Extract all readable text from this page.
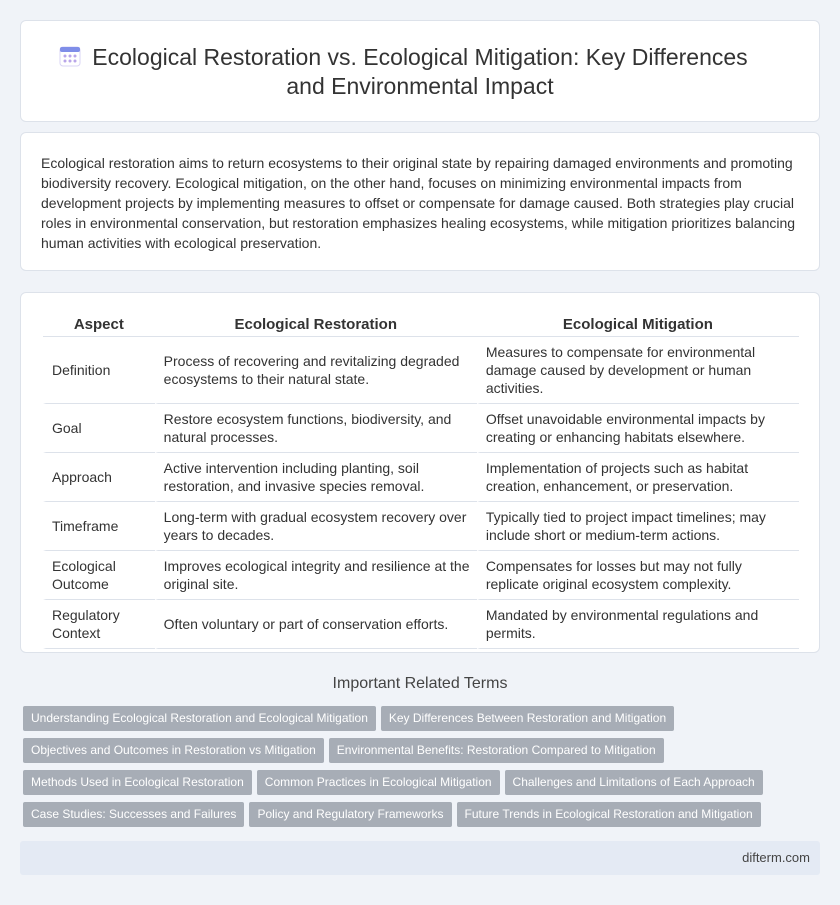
Ecological Restoration vs. Ecological Mitigation: Key Differences and Environmental Impact

Ecological restoration aims to return ecosystems to their original state by repairing damaged environments and promoting biodiversity recovery. Ecological mitigation, on the other hand, focuses on minimizing environmental impacts from development projects by implementing measures to offset or compensate for damage caused. Both strategies play crucial roles in environmental conservation, but restoration emphasizes healing ecosystems, while mitigation prioritizes balancing human activities with ecological preservation.

Aspect	Ecological Restoration	Ecological Mitigation
Definition	Process of recovering and revitalizing degraded ecosystems to their natural state.	Measures to compensate for environmental damage caused by development or human activities.
Goal	Restore ecosystem functions, biodiversity, and natural processes.	Offset unavoidable environmental impacts by creating or enhancing habitats elsewhere.
Approach	Active intervention including planting, soil restoration, and invasive species removal.	Implementation of projects such as habitat creation, enhancement, or preservation.
Timeframe	Long-term with gradual ecosystem recovery over years to decades.	Typically tied to project impact timelines; may include short or medium-term actions.
Ecological Outcome	Improves ecological integrity and resilience at the original site.	Compensates for losses but may not fully replicate original ecosystem complexity.
Regulatory Context	Often voluntary or part of conservation efforts.	Mandated by environmental regulations and permits.
Important Related Terms
Understanding Ecological Restoration and Ecological Mitigation Key Differences Between Restoration and Mitigation
Objectives and Outcomes in Restoration vs Mitigation Environmental Benefits: Restoration Compared to Mitigation
Methods Used in Ecological Restoration Common Practices in Ecological Mitigation Challenges and Limitations of Each Approach
Case Studies: Successes and Failures Policy and Regulatory Frameworks Future Trends in Ecological Restoration and Mitigation
difterm.com
